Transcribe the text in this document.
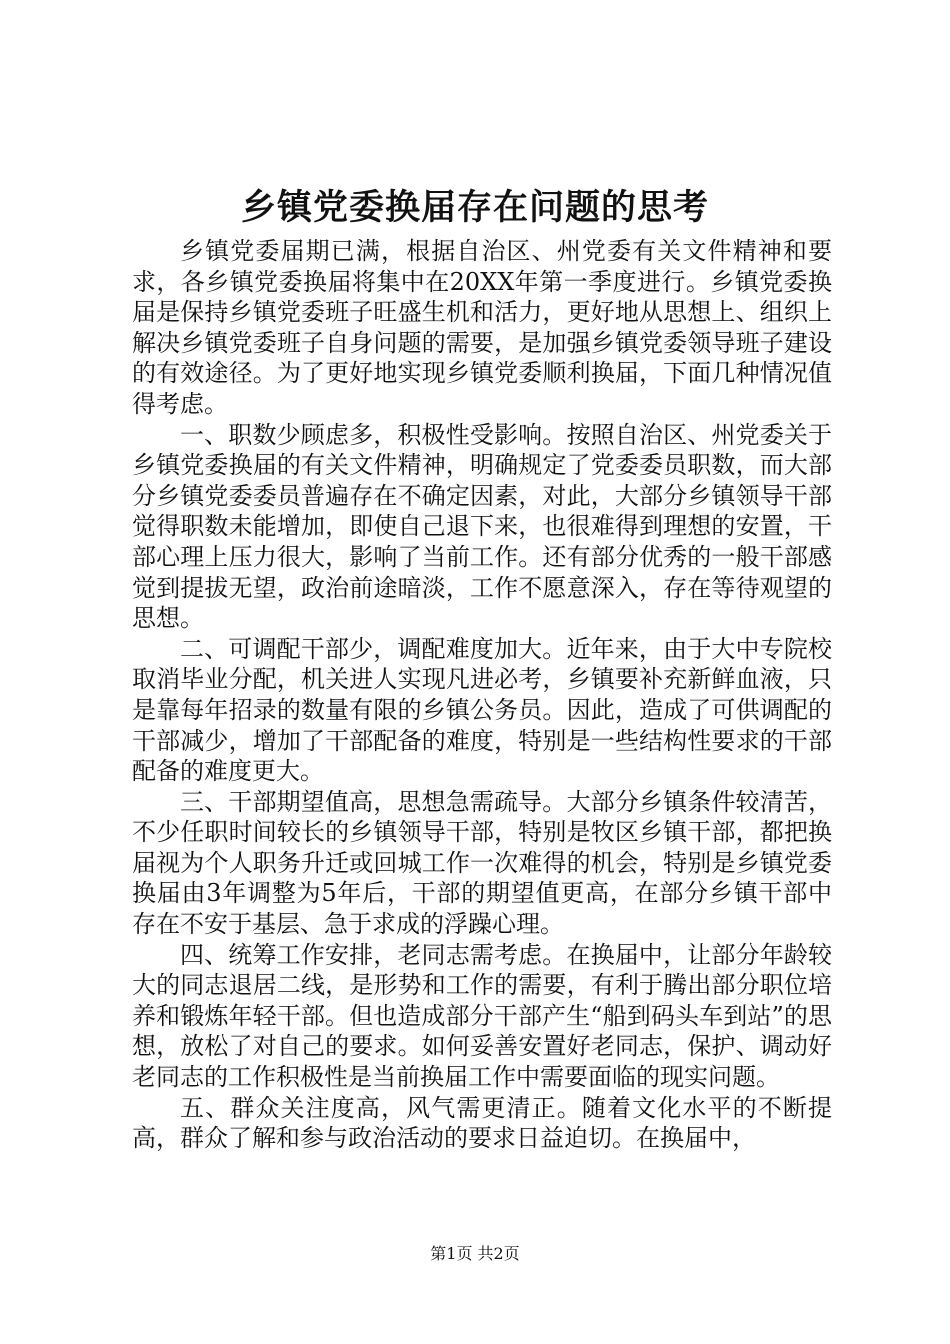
乡镇党委换届存在问题的思考

乡镇党委届期已满，根据自治区、州党委有关文件精神和要求，各乡镇党委换届将集中在20XX年第一季度进行。乡镇党委换届是保持乡镇党委班子旺盛生机和活力，更好地从思想上、组织上解决乡镇党委班子自身问题的需要，是加强乡镇党委领导班子建设的有效途径。为了更好地实现乡镇党委顺利换届，下面几种情况值得考虑。

一、职数少顾虑多，积极性受影响。按照自治区、州党委关于乡镇党委换届的有关文件精神，明确规定了党委委员职数，而大部分乡镇党委委员普遍存在不确定因素，对此，大部分乡镇领导干部觉得职数未能增加，即使自己退下来，也很难得到理想的安置，干部心理上压力很大，影响了当前工作。还有部分优秀的一般干部感觉到提拔无望，政治前途暗淡，工作不愿意深入，存在等待观望的思想。

二、可调配干部少，调配难度加大。近年来，由于大中专院校取消毕业分配，机关进人实现凡进必考，乡镇要补充新鲜血液，只是靠每年招录的数量有限的乡镇公务员。因此，造成了可供调配的干部减少，增加了干部配备的难度，特别是一些结构性要求的干部配备的难度更大。

三、干部期望值高，思想急需疏导。大部分乡镇条件较清苦，不少任职时间较长的乡镇领导干部，特别是牧区乡镇干部，都把换届视为个人职务升迁或回城工作一次难得的机会，特别是乡镇党委换届由3年调整为5年后，干部的期望值更高，在部分乡镇干部中存在不安于基层、急于求成的浮躁心理。

四、统筹工作安排，老同志需考虑。在换届中，让部分年龄较大的同志退居二线，是形势和工作的需要，有利于腾出部分职位培养和锻炼年轻干部。但也造成部分干部产生“船到码头车到站”的思想，放松了对自己的要求。如何妥善安置好老同志，保护、调动好老同志的工作积极性是当前换届工作中需要面临的现实问题。

五、群众关注度高，风气需更清正。随着文化水平的不断提高，群众了解和参与政治活动的要求日益迫切。在换届中，

第1页 共2页
